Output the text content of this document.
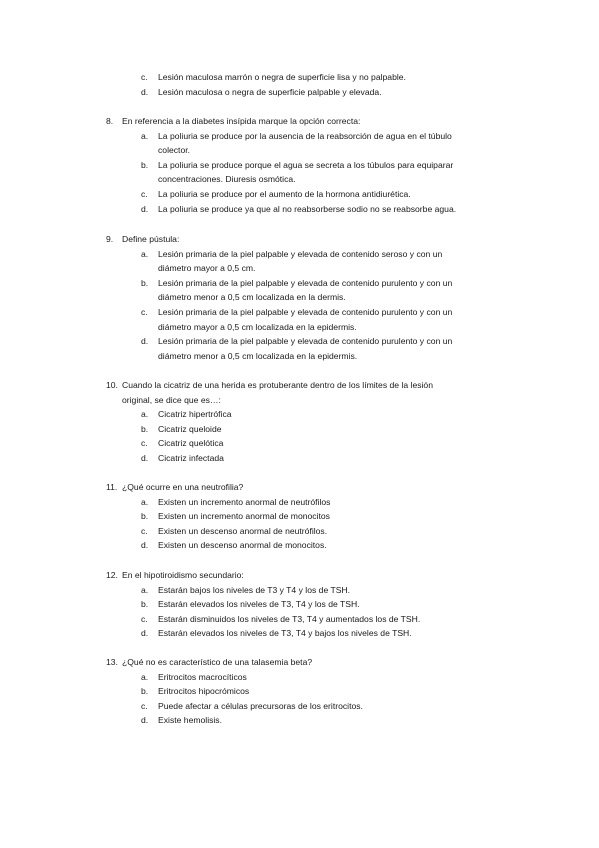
c. Lesión maculosa marrón o negra de superficie lisa y no palpable.
d. Lesión maculosa o negra de superficie palpable y elevada.
8. En referencia a la diabetes insípida marque la opción correcta:
a. La poliuria se produce por la ausencia de la reabsorción de agua en el túbulo
colector.
b. La poliuria se produce porque el agua se secreta a los túbulos para equiparar
concentraciones. Diuresis osmótica.
c. La poliuria se produce por el aumento de la hormona antidiurética.
d. La poliuria se produce ya que al no reabsorberse sodio no se reabsorbe agua.
9. Define pústula:
a. Lesión primaria de la piel palpable y elevada de contenido seroso y con un
diámetro mayor a 0,5 cm.
b. Lesión primaria de la piel palpable y elevada de contenido purulento y con un
diámetro menor a 0,5 cm localizada en la dermis.
c. Lesión primaria de la piel palpable y elevada de contenido purulento y con un
diámetro mayor a 0,5 cm localizada en la epidermis.
d. Lesión primaria de la piel palpable y elevada de contenido purulento y con un
diámetro menor a 0,5 cm localizada en la epidermis.
10. Cuando la cicatriz de una herida es protuberante dentro de los límites de la lesión
original, se dice que es…:
a. Cicatriz hipertrófica
b. Cicatriz queloide
c. Cicatriz quelótica
d. Cicatriz infectada
11. ¿Qué ocurre en una neutrofilia?
a. Existen un incremento anormal de neutrófilos
b. Existen un incremento anormal de monocitos
c. Existen un descenso anormal de neutrófilos.
d. Existen un descenso anormal de monocitos.
12. En el hipotiroidismo secundario:
a. Estarán bajos los niveles de T3 y T4 y los de TSH.
b. Estarán elevados los niveles de T3, T4 y los de TSH.
c. Estarán disminuidos los niveles de T3, T4 y aumentados los de TSH.
d. Estarán elevados los niveles de T3, T4 y bajos los niveles de TSH.
13. ¿Qué no es característico de una talasemia beta?
a. Eritrocitos macrocíticos
b. Eritrocitos hipocrómicos
c. Puede afectar a células precursoras de los eritrocitos.
d. Existe hemolisis.
